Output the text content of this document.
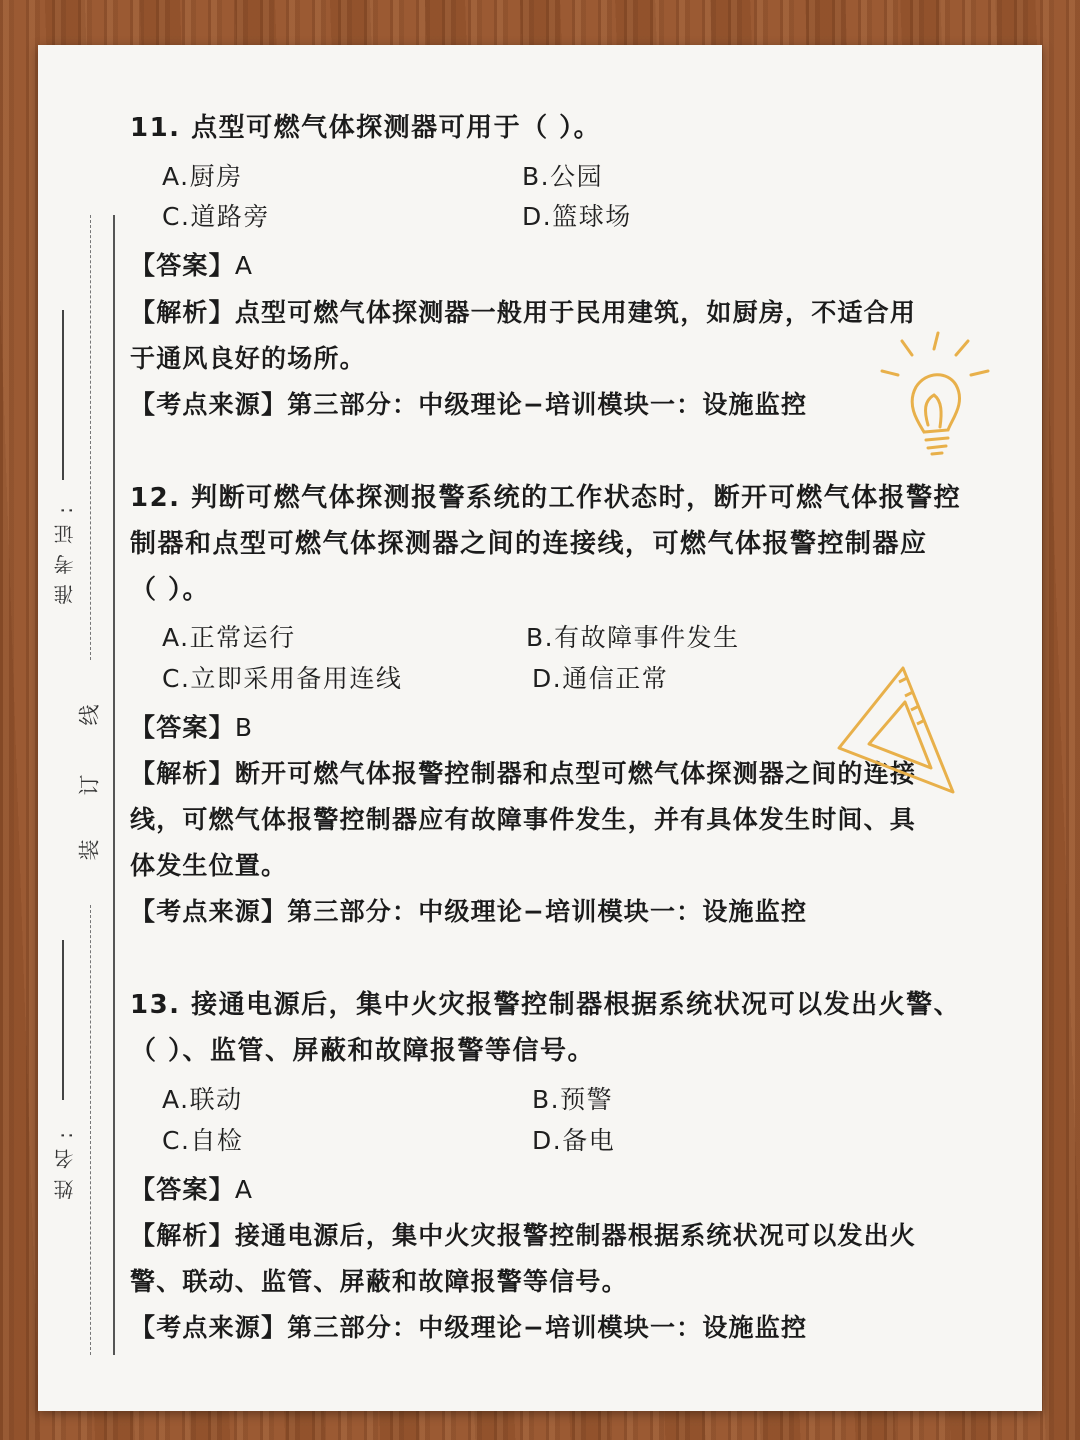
准 考 证 :
姓 名 :
线
订
装
11. 点型可燃气体探测器可用于（ ）。
A.厨房	B.公园
C.道路旁	D.篮球场
【答案】A
【解析】点型可燃气体探测器一般用于民用建筑，如厨房，不适合用
于通风良好的场所。
【考点来源】第三部分：中级理论−培训模块一：设施监控
12. 判断可燃气体探测报警系统的工作状态时，断开可燃气体报警控
制器和点型可燃气体探测器之间的连接线，可燃气体报警控制器应
（ ）。
A.正常运行	B.有故障事件发生
C.立即采用备用连线	D.通信正常
【答案】B
【解析】断开可燃气体报警控制器和点型可燃气体探测器之间的连接
线，可燃气体报警控制器应有故障事件发生，并有具体发生时间、具
体发生位置。
【考点来源】第三部分：中级理论−培训模块一：设施监控
13. 接通电源后，集中火灾报警控制器根据系统状况可以发出火警、
（ ）、监管、屏蔽和故障报警等信号。
A.联动	B.预警
C.自检	D.备电
【答案】A
【解析】接通电源后，集中火灾报警控制器根据系统状况可以发出火
警、联动、监管、屏蔽和故障报警等信号。
【考点来源】第三部分：中级理论−培训模块一：设施监控
